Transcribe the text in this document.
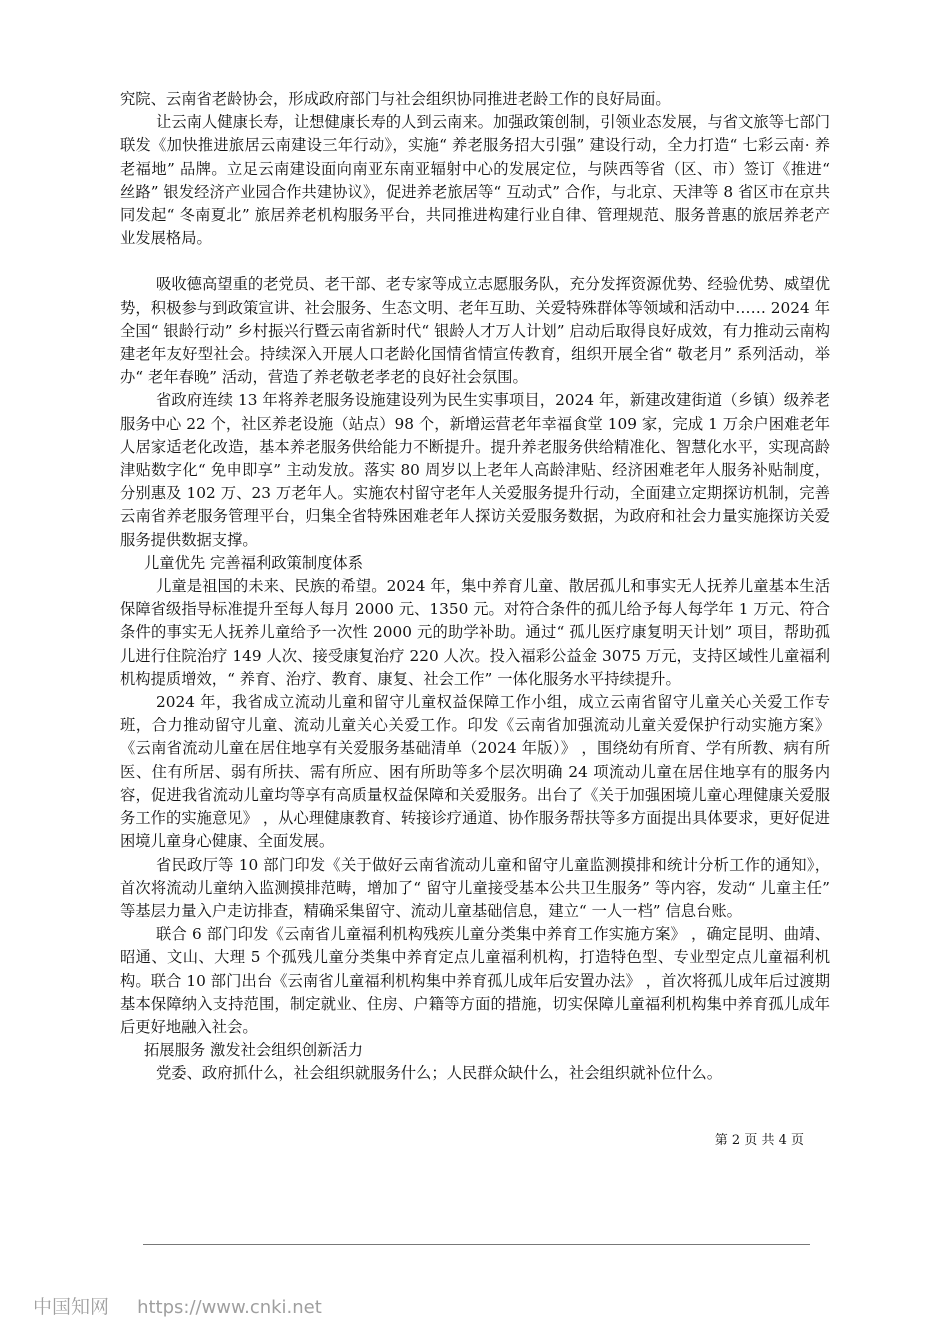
究院、云南省老龄协会，形成政府部门与社会组织协同推进老龄工作的良好局面。

让云南人健康长寿，让想健康长寿的人到云南来。加强政策创制，引领业态发展，与省文旅等七部门联发《加快推进旅居云南建设三年行动》，实施“ 养老服务招大引强” 建设行动，全力打造“ 七彩云南· 养老福地” 品牌。立足云南建设面向南亚东南亚辐射中心的发展定位，与陕西等省（区、市）签订《推进“ 丝路” 银发经济产业园合作共建协议》，促进养老旅居等“ 互动式” 合作，与北京、天津等 8 省区市在京共同发起“ 冬南夏北” 旅居养老机构服务平台，共同推进构建行业自律、管理规范、服务普惠的旅居养老产业发展格局。

吸收德高望重的老党员、老干部、老专家等成立志愿服务队，充分发挥资源优势、经验优势、威望优势，积极参与到政策宣讲、社会服务、生态文明、老年互助、关爱特殊群体等领域和活动中…… 2024 年全国“ 银龄行动” 乡村振兴行暨云南省新时代“ 银龄人才万人计划” 启动后取得良好成效，有力推动云南构建老年友好型社会。持续深入开展人口老龄化国情省情宣传教育，组织开展全省“ 敬老月” 系列活动，举办“ 老年春晚” 活动，营造了养老敬老孝老的良好社会氛围。

省政府连续 13 年将养老服务设施建设列为民生实事项目，2024 年，新建改建街道（乡镇）级养老服务中心 22 个，社区养老设施（站点）98 个，新增运营老年幸福食堂 109 家，完成 1 万余户困难老年人居家适老化改造，基本养老服务供给能力不断提升。提升养老服务供给精准化、智慧化水平，实现高龄津贴数字化“ 免申即享” 主动发放。落实 80 周岁以上老年人高龄津贴、经济困难老年人服务补贴制度，分别惠及 102 万、23 万老年人。实施农村留守老年人关爱服务提升行动，全面建立定期探访机制，完善云南省养老服务管理平台，归集全省特殊困难老年人探访关爱服务数据，为政府和社会力量实施探访关爱服务提供数据支撑。

儿童优先 完善福利政策制度体系

儿童是祖国的未来、民族的希望。2024 年，集中养育儿童、散居孤儿和事实无人抚养儿童基本生活保障省级指导标准提升至每人每月 2000 元、1350 元。对符合条件的孤儿给予每人每学年 1 万元、符合条件的事实无人抚养儿童给予一次性 2000 元的助学补助。通过“ 孤儿医疗康复明天计划” 项目，帮助孤儿进行住院治疗 149 人次、接受康复治疗 220 人次。投入福彩公益金 3075 万元，支持区域性儿童福利机构提质增效，“ 养育、治疗、教育、康复、社会工作” 一体化服务水平持续提升。

2024 年，我省成立流动儿童和留守儿童权益保障工作小组，成立云南省留守儿童关心关爱工作专班，合力推动留守儿童、流动儿童关心关爱工作。印发《云南省加强流动儿童关爱保护行动实施方案》 《云南省流动儿童在居住地享有关爱服务基础清单（2024 年版）》 ，围绕幼有所育、学有所教、病有所医、住有所居、弱有所扶、需有所应、困有所助等多个层次明确 24 项流动儿童在居住地享有的服务内容，促进我省流动儿童均等享有高质量权益保障和关爱服务。出台了《关于加强困境儿童心理健康关爱服务工作的实施意见》 ，从心理健康教育、转接诊疗通道、协作服务帮扶等多方面提出具体要求，更好促进困境儿童身心健康、全面发展。

省民政厅等 10 部门印发《关于做好云南省流动儿童和留守儿童监测摸排和统计分析工作的通知》，首次将流动儿童纳入监测摸排范畴，增加了“ 留守儿童接受基本公共卫生服务” 等内容，发动“ 儿童主任” 等基层力量入户走访排查，精确采集留守、流动儿童基础信息，建立“ 一人一档” 信息台账。

联合 6 部门印发《云南省儿童福利机构残疾儿童分类集中养育工作实施方案》 ，确定昆明、曲靖、昭通、文山、大理 5 个孤残儿童分类集中养育定点儿童福利机构，打造特色型、专业型定点儿童福利机构。联合 10 部门出台《云南省儿童福利机构集中养育孤儿成年后安置办法》 ，首次将孤儿成年后过渡期基本保障纳入支持范围，制定就业、住房、户籍等方面的措施，切实保障儿童福利机构集中养育孤儿成年后更好地融入社会。

拓展服务 激发社会组织创新活力

党委、政府抓什么，社会组织就服务什么；人民群众缺什么，社会组织就补位什么。

第 2 页 共 4 页
中国知网 https://www.cnki.net
